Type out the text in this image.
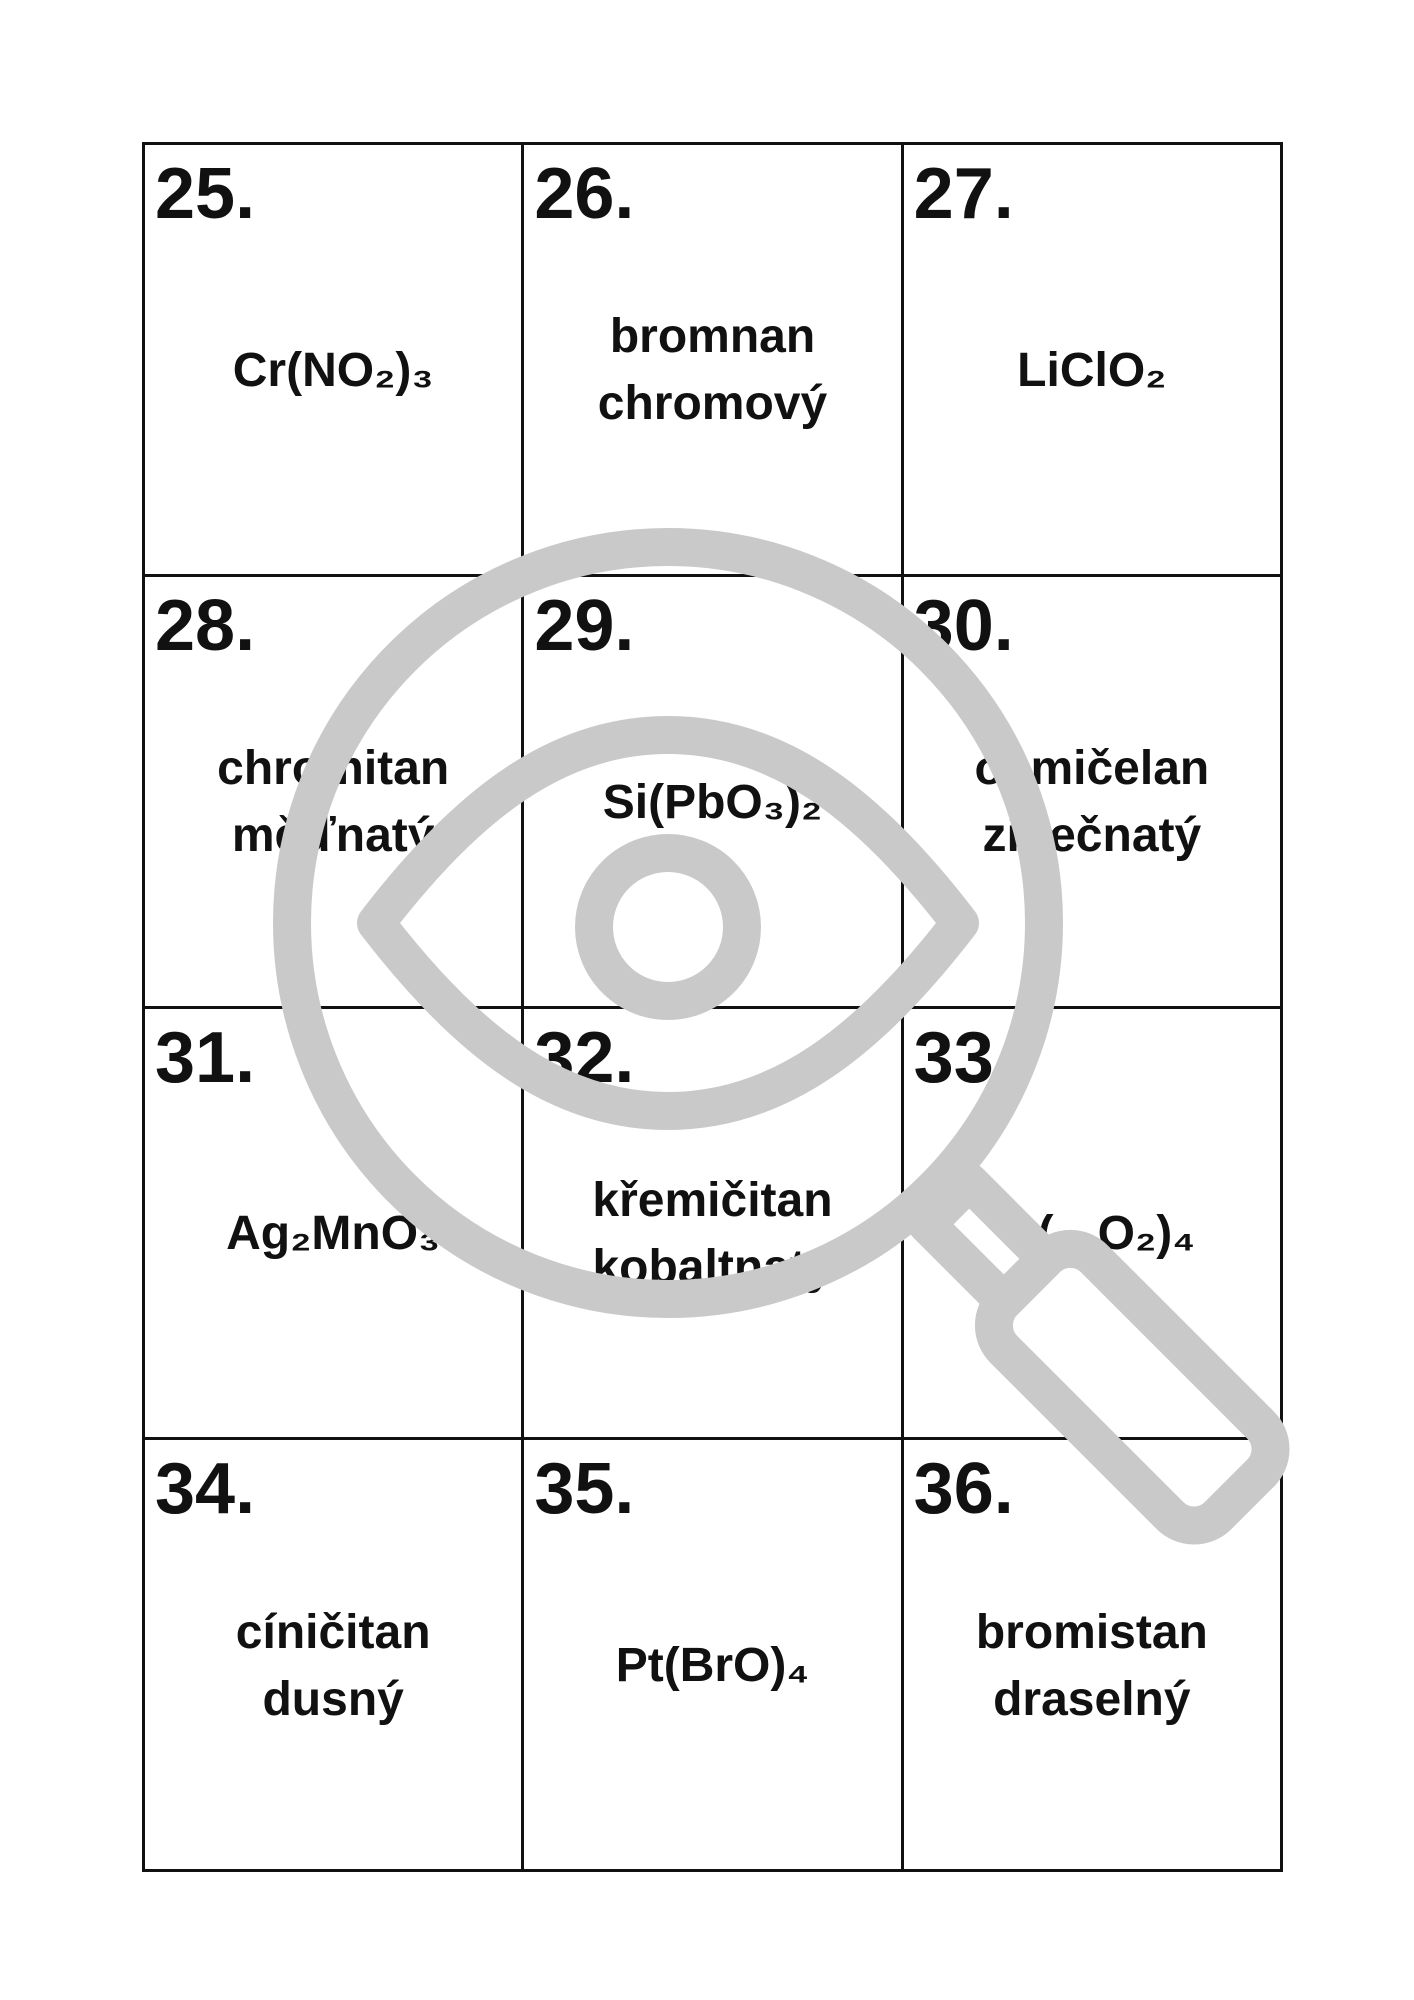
25.
Cr(NO₂)₃
26.
bromnan
chromový
27.
LiClO₂
28.
chromitan
měďnatý
29.
Si(PbO₃)₂
30.
osmičelan
zinečnatý
31.
Ag₂MnO₃
32.
křemičitan
kobaltnatý
33.
( O₂)₄
34.
cíničitan
dusný
35.
Pt(BrO)₄
36.
bromistan
draselný
